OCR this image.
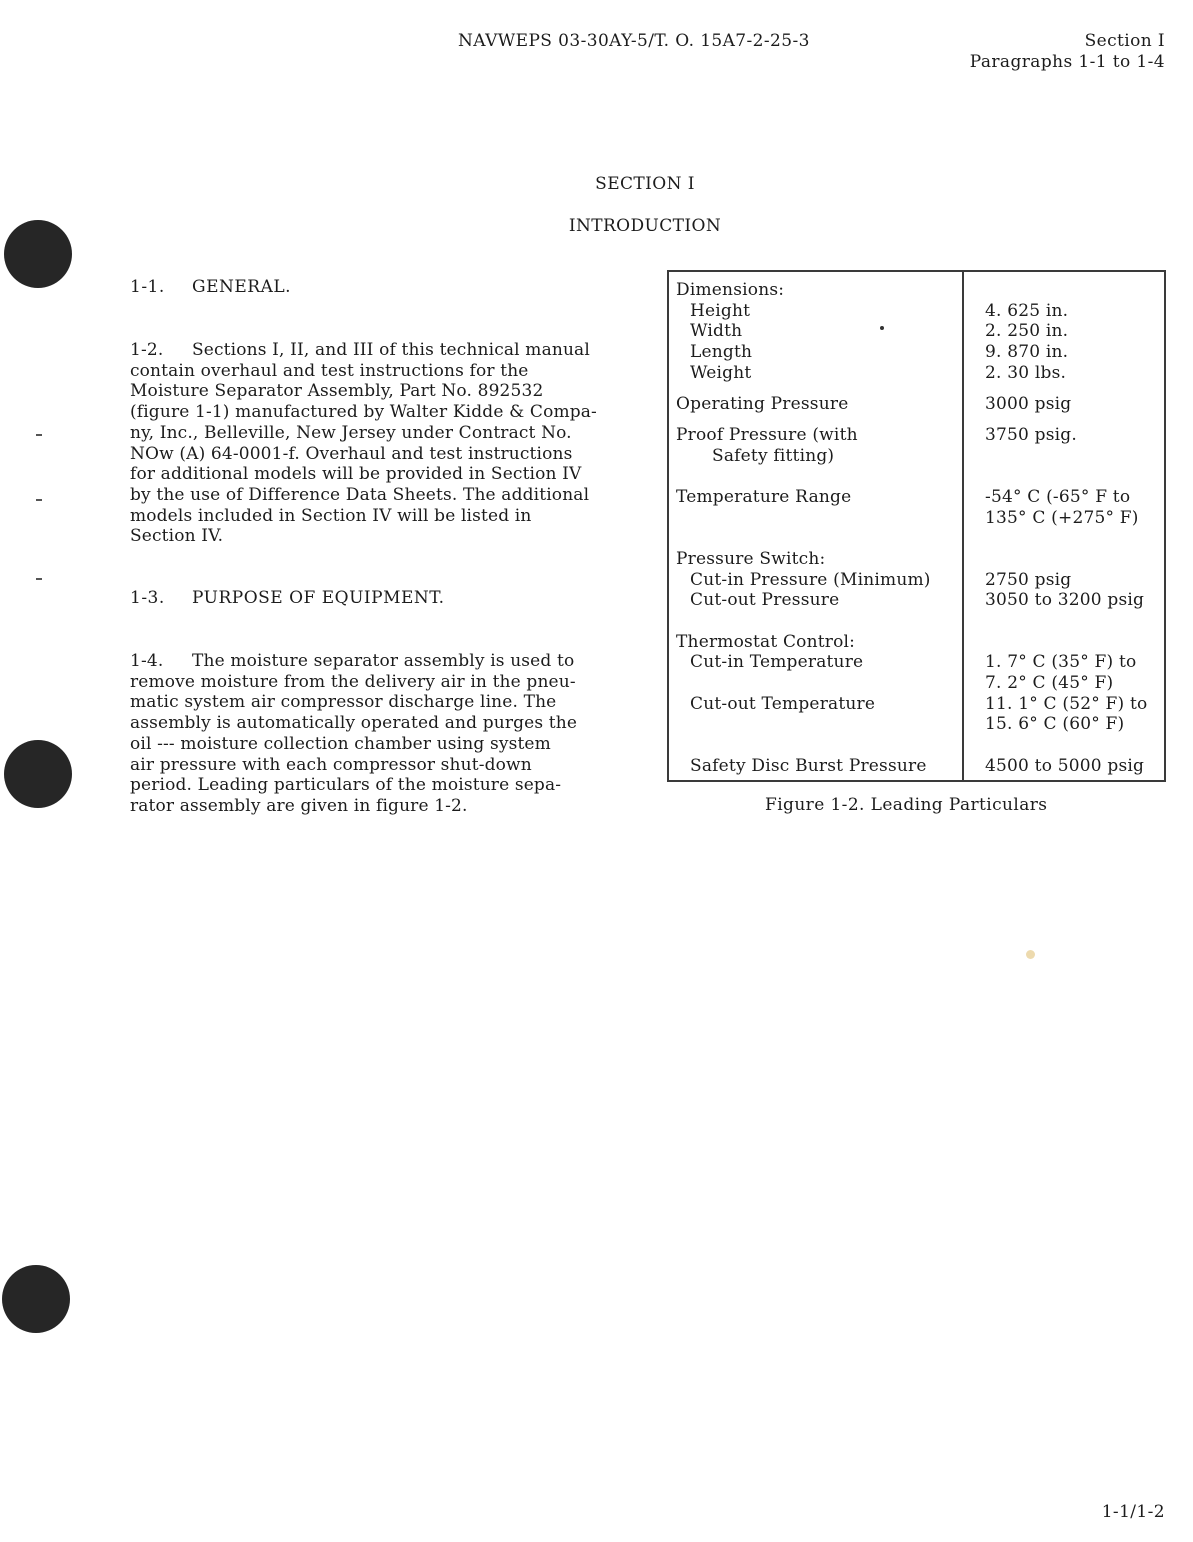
NAVWEPS 03-30AY-5/T. O. 15A7-2-25-3	Section I
Paragraphs 1-1 to 1-4
SECTION I
INTRODUCTION
1-1. GENERAL.
1-2. Sections I, II, and III of this technical manual
contain overhaul and test instructions for the
Moisture Separator Assembly, Part No. 892532
(figure 1-1) manufactured by Walter Kidde & Compa-
ny, Inc., Belleville, New Jersey under Contract No.
NOw (A) 64-0001-f. Overhaul and test instructions
for additional models will be provided in Section IV
by the use of Difference Data Sheets. The additional
models included in Section IV will be listed in
Section IV.
1-3. PURPOSE OF EQUIPMENT.
1-4. The moisture separator assembly is used to
remove moisture from the delivery air in the pneu-
matic system air compressor discharge line. The
assembly is automatically operated and purges the
oil --- moisture collection chamber using system
air pressure with each compressor shut-down
period. Leading particulars of the moisture sepa-
rator assembly are given in figure 1-2.
Dimensions:
Height	4. 625 in.
Width	2. 250 in.
Length	9. 870 in.
Weight	2. 30 lbs.
Operating Pressure	3000 psig
Proof Pressure (with	3750 psig.
Safety fitting)
Temperature Range	-54° C (-65° F to
135° C (+275° F)
Pressure Switch:
Cut-in Pressure (Minimum)	2750 psig
Cut-out Pressure	3050 to 3200 psig
Thermostat Control:
Cut-in Temperature	1. 7° C (35° F) to
7. 2° C (45° F)
Cut-out Temperature	11. 1° C (52° F) to
15. 6° C (60° F)
Safety Disc Burst Pressure	4500 to 5000 psig
Figure 1-2. Leading Particulars
1-1/1-2
